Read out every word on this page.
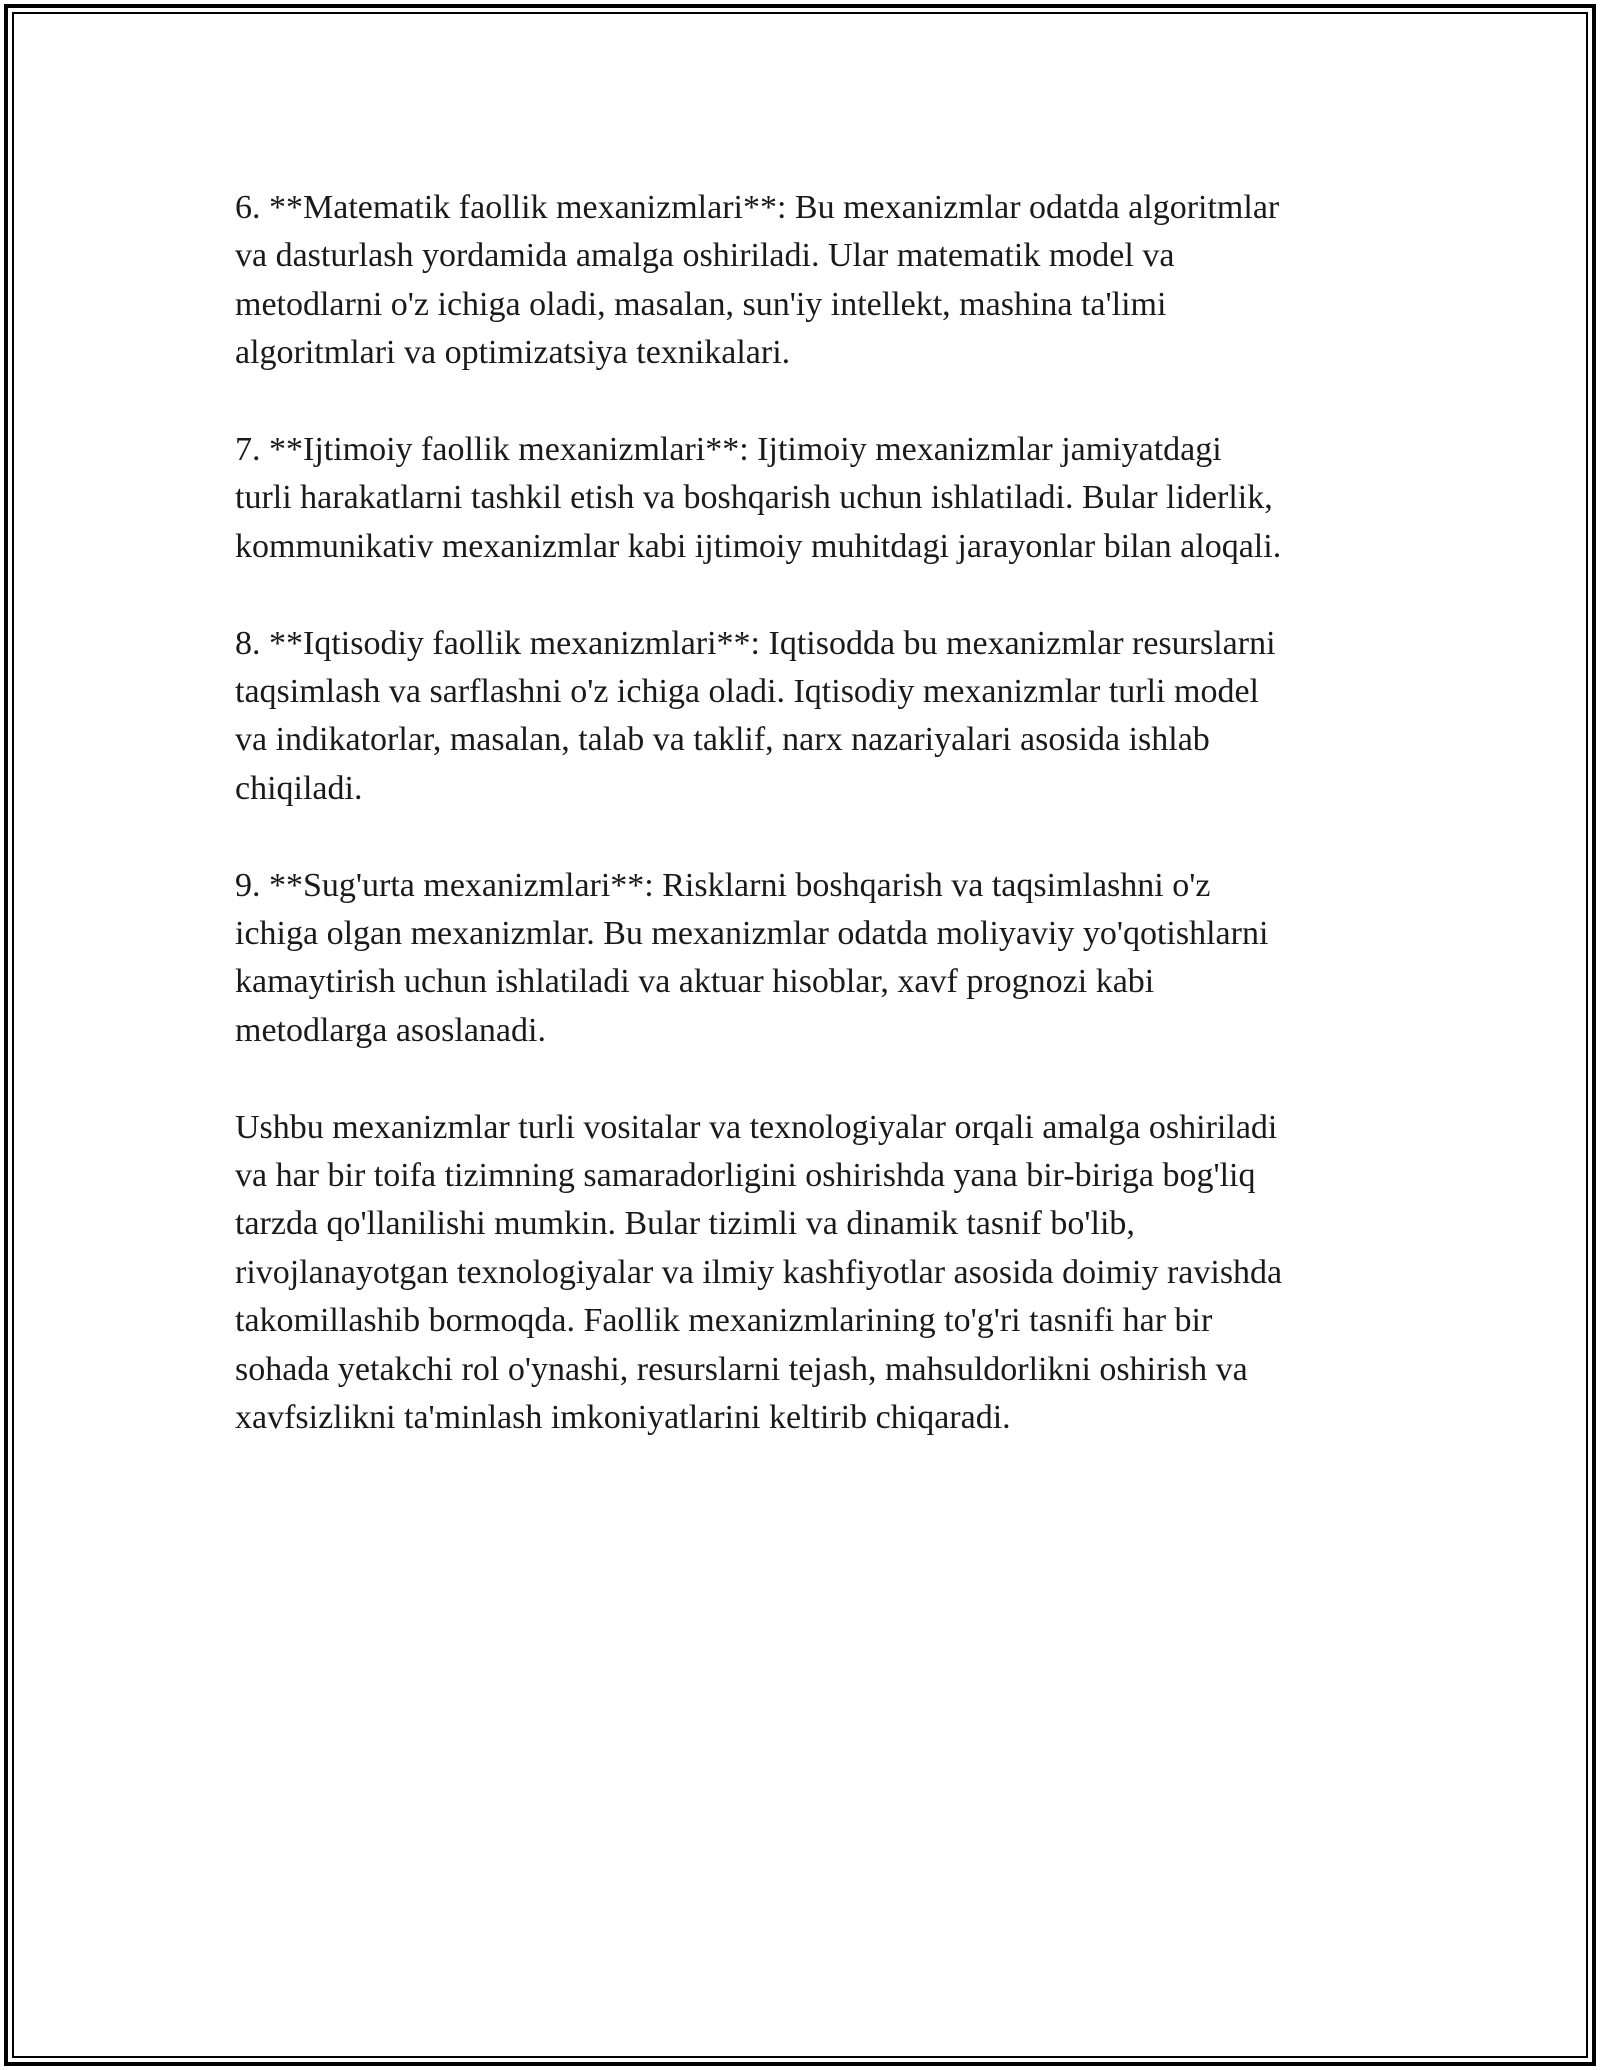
6. **Matematik faollik mexanizmlari**: Bu mexanizmlar odatda algoritmlar
va dasturlash yordamida amalga oshiriladi. Ular matematik model va
metodlarni o'z ichiga oladi, masalan, sun'iy intellekt, mashina ta'limi
algoritmlari va optimizatsiya texnikalari.

7. **Ijtimoiy faollik mexanizmlari**: Ijtimoiy mexanizmlar jamiyatdagi
turli harakatlarni tashkil etish va boshqarish uchun ishlatiladi. Bular liderlik,
kommunikativ mexanizmlar kabi ijtimoiy muhitdagi jarayonlar bilan aloqali.

8. **Iqtisodiy faollik mexanizmlari**: Iqtisodda bu mexanizmlar resurslarni
taqsimlash va sarflashni o'z ichiga oladi. Iqtisodiy mexanizmlar turli model
va indikatorlar, masalan, talab va taklif, narx nazariyalari asosida ishlab
chiqiladi.

9. **Sug'urta mexanizmlari**: Risklarni boshqarish va taqsimlashni o'z
ichiga olgan mexanizmlar. Bu mexanizmlar odatda moliyaviy yo'qotishlarni
kamaytirish uchun ishlatiladi va aktuar hisoblar, xavf prognozi kabi
metodlarga asoslanadi.

Ushbu mexanizmlar turli vositalar va texnologiyalar orqali amalga oshiriladi
va har bir toifa tizimning samaradorligini oshirishda yana bir-biriga bog'liq
tarzda qo'llanilishi mumkin. Bular tizimli va dinamik tasnif bo'lib,
rivojlanayotgan texnologiyalar va ilmiy kashfiyotlar asosida doimiy ravishda
takomillashib bormoqda. Faollik mexanizmlarining to'g'ri tasnifi har bir
sohada yetakchi rol o'ynashi, resurslarni tejash, mahsuldorlikni oshirish va
xavfsizlikni ta'minlash imkoniyatlarini keltirib chiqaradi.
